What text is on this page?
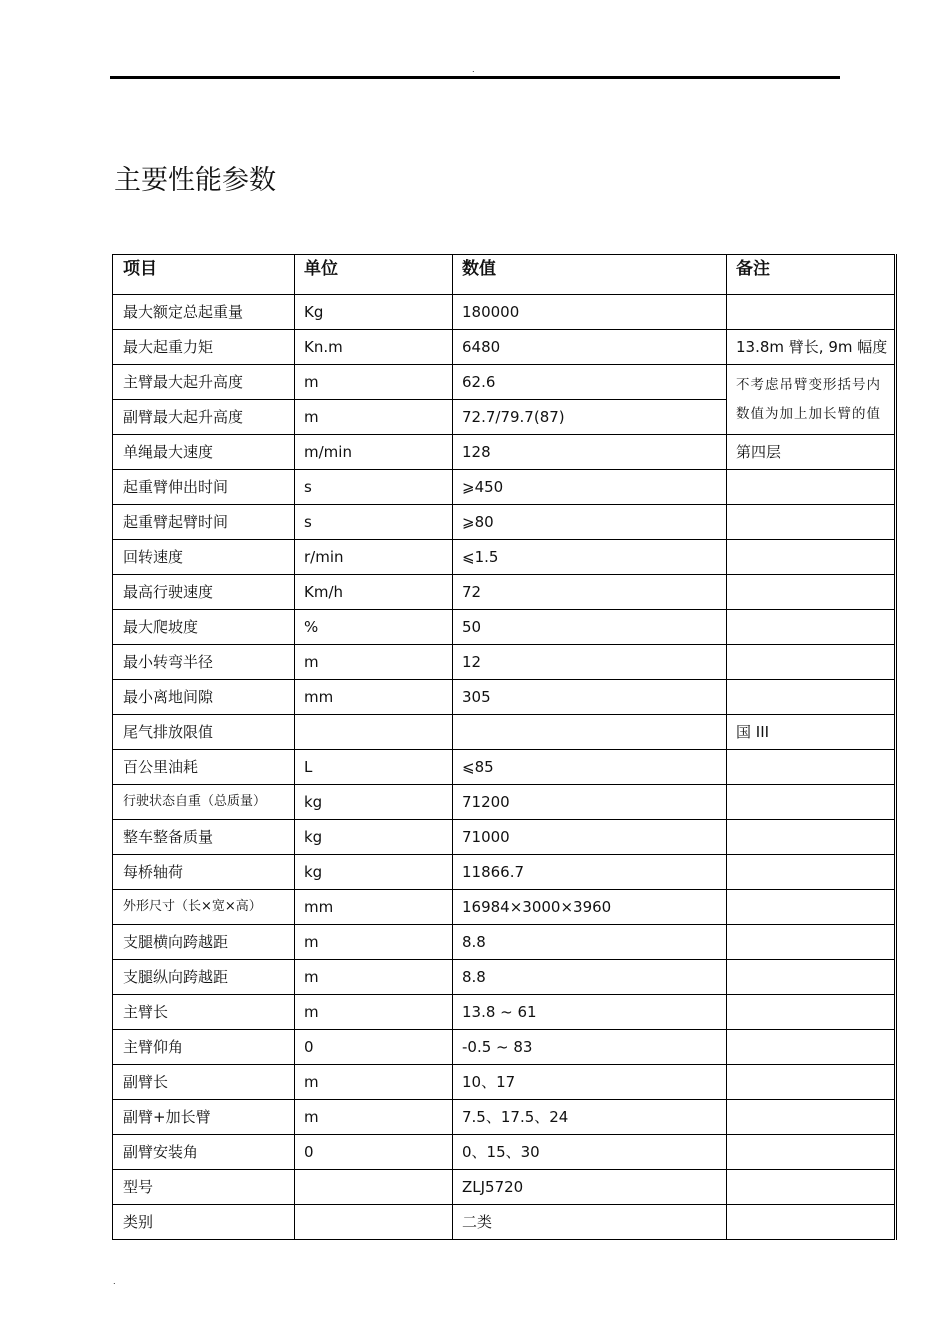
.
主要性能参数
项目	单位	数值	备注
最大额定总起重量	Kg	180000	
最大起重力矩	Kn.m	6480	13.8m 臂长, 9m 幅度
主臂最大起升高度	m	62.6	不考虑吊臂变形括号内数值为加上加长臂的值
副臂最大起升高度	m	72.7/79.7(87)	
单绳最大速度	m/min	128	第四层
起重臂伸出时间	s	⩾450	
起重臂起臂时间	s	⩾80	
回转速度	r/min	⩽1.5	
最高行驶速度	Km/h	72	
最大爬坡度	%	50	
最小转弯半径	m	12	
最小离地间隙	mm	305	
尾气排放限值			国 III
百公里油耗	L	⩽85	
行驶状态自重（总质量）	kg	71200	
整车整备质量	kg	71000	
每桥轴荷	kg	11866.7	
外形尺寸（长×宽×高）	mm	16984×3000×3960	
支腿横向跨越距	m	8.8	
支腿纵向跨越距	m	8.8	
主臂长	m	13.8 ~ 61	
主臂仰角	0	-0.5 ~ 83	
副臂长	m	10、17	
副臂+加长臂	m	7.5、17.5、24	
副臂安装角	0	0、15、30	
型号		ZLJ5720	
类别		二类	
.
